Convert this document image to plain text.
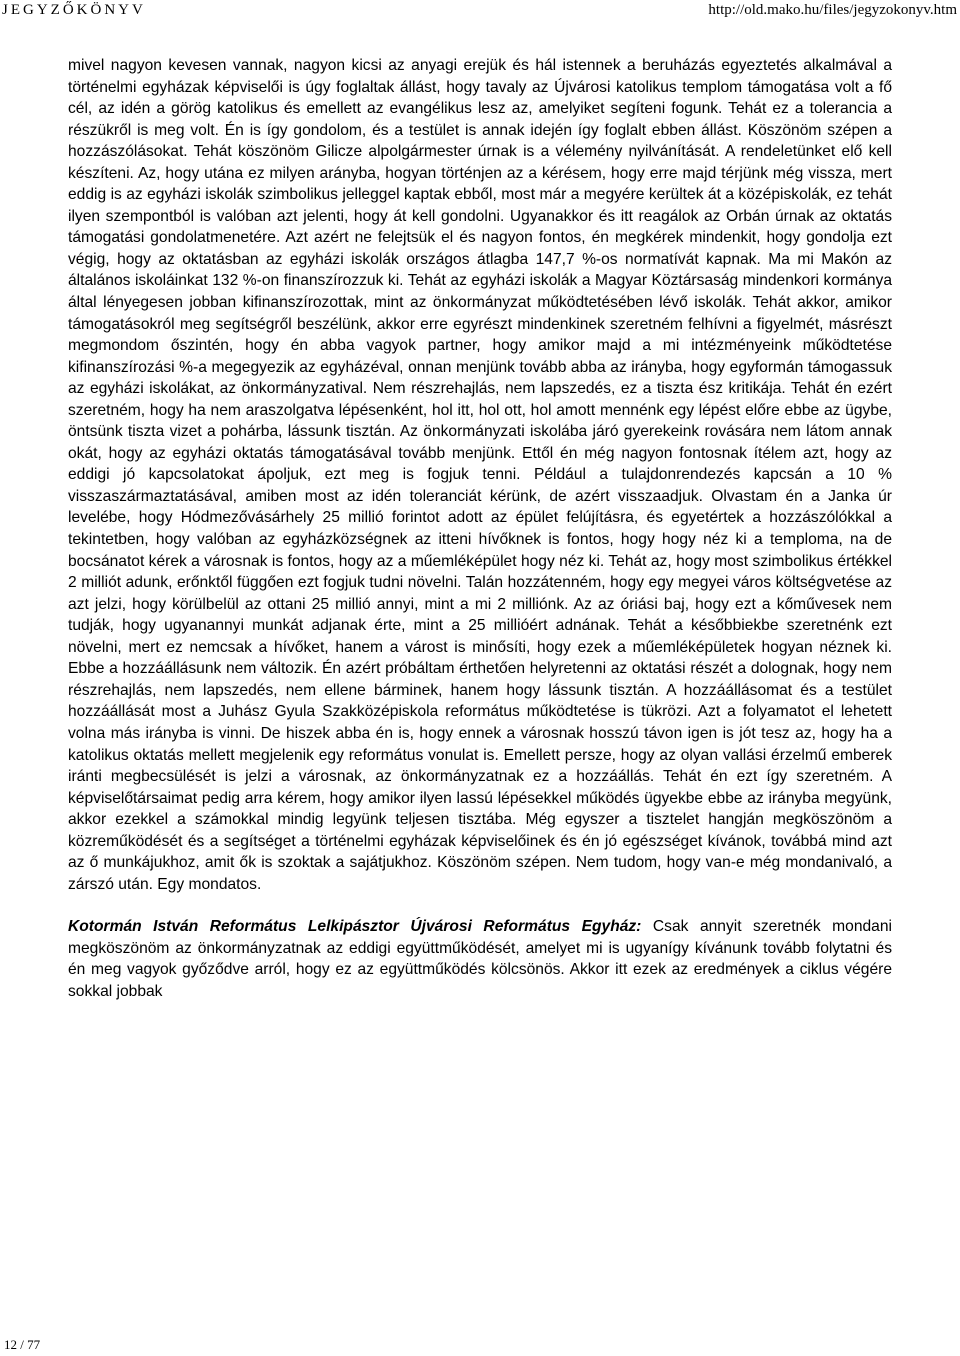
JEGYZŐKÖNYV	http://old.mako.hu/files/jegyzokonyv.htm

mivel nagyon kevesen vannak, nagyon kicsi az anyagi erejük és hál istennek a beruházás egyeztetés alkalmával a történelmi egyházak képviselői is úgy foglaltak állást, hogy tavaly az Újvárosi katolikus templom támogatása volt a fő cél, az idén a görög katolikus és emellett az evangélikus lesz az, amelyiket segíteni fogunk. Tehát ez a tolerancia a részükről is meg volt. Én is így gondolom, és a testület is annak idején így foglalt ebben állást. Köszönöm szépen a hozzászólásokat. Tehát köszönöm Gilicze alpolgármester úrnak is a vélemény nyilvánítását. A rendeletünket elő kell készíteni. Az, hogy utána ez milyen arányba, hogyan történjen az a kérésem, hogy erre majd térjünk még vissza, mert eddig is az egyházi iskolák szimbolikus jelleggel kaptak ebből, most már a megyére kerültek át a középiskolák, ez tehát ilyen szempontból is valóban azt jelenti, hogy át kell gondolni. Ugyanakkor és itt reagálok az Orbán úrnak az oktatás támogatási gondolatmenetére. Azt azért ne felejtsük el és nagyon fontos, én megkérek mindenkit, hogy gondolja ezt végig, hogy az oktatásban az egyházi iskolák országos átlagba 147,7 %-os normatívát kapnak. Ma mi Makón az általános iskoláinkat 132 %-on finanszírozzuk ki. Tehát az egyházi iskolák a Magyar Köztársaság mindenkori kormánya által lényegesen jobban kifinanszírozottak, mint az önkormányzat működtetésében lévő iskolák. Tehát akkor, amikor támogatásokról meg segítségről beszélünk, akkor erre egyrészt mindenkinek szeretném felhívni a figyelmét, másrészt megmondom őszintén, hogy én abba vagyok partner, hogy amikor majd a mi intézményeink működtetése kifinanszírozási %-a megegyezik az egyházéval, onnan menjünk tovább abba az irányba, hogy egyformán támogassuk az egyházi iskolákat, az önkormányzatival. Nem részrehajlás, nem lapszedés, ez a tiszta ész kritikája. Tehát én ezért szeretném, hogy ha nem araszolgatva lépésenként, hol itt, hol ott, hol amott mennénk egy lépést előre ebbe az ügybe, öntsünk tiszta vizet a pohárba, lássunk tisztán. Az önkormányzati iskolába járó gyerekeink rovására nem látom annak okát, hogy az egyházi oktatás támogatásával tovább menjünk. Ettől én még nagyon fontosnak ítélem azt, hogy az eddigi jó kapcsolatokat ápoljuk, ezt meg is fogjuk tenni. Például a tulajdonrendezés kapcsán a 10 % visszaszármaztatásával, amiben most az idén toleranciát kérünk, de azért visszaadjuk. Olvastam én a Janka úr levelébe, hogy Hódmezővásárhely 25 millió forintot adott az épület felújításra, és egyetértek a hozzászólókkal a tekintetben, hogy valóban az egyházközségnek az itteni hívőknek is fontos, hogy hogy néz ki a temploma, na de bocsánatot kérek a városnak is fontos, hogy az a műemléképület hogy néz ki. Tehát az, hogy most szimbolikus értékkel 2 milliót adunk, erőnktől függően ezt fogjuk tudni növelni. Talán hozzátenném, hogy egy megyei város költségvetése az azt jelzi, hogy körülbelül az ottani 25 millió annyi, mint a mi 2 milliónk. Az az óriási baj, hogy ezt a kőművesek nem tudják, hogy ugyanannyi munkát adjanak érte, mint a 25 millióért adnának. Tehát a későbbiekbe szeretnénk ezt növelni, mert ez nemcsak a hívőket, hanem a várost is minősíti, hogy ezek a műemléképületek hogyan néznek ki. Ebbe a hozzáállásunk nem változik. Én azért próbáltam érthetően helyretenni az oktatási részét a dolognak, hogy nem részrehajlás, nem lapszedés, nem ellene bárminek, hanem hogy lássunk tisztán. A hozzáállásomat és a testület hozzáállását most a Juhász Gyula Szakközépiskola református működtetése is tükrözi. Azt a folyamatot el lehetett volna más irányba is vinni. De hiszek abba én is, hogy ennek a városnak hosszú távon igen is jót tesz az, hogy ha a katolikus oktatás mellett megjelenik egy református vonulat is. Emellett persze, hogy az olyan vallási érzelmű emberek iránti megbecsülését is jelzi a városnak, az önkormányzatnak ez a hozzáállás. Tehát én ezt így szeretném. A képviselőtársaimat pedig arra kérem, hogy amikor ilyen lassú lépésekkel működés ügyekbe ebbe az irányba megyünk, akkor ezekkel a számokkal mindig legyünk teljesen tisztába. Még egyszer a tisztelet hangján megköszönöm a közreműködését és a segítséget a történelmi egyházak képviselőinek és én jó egészséget kívánok, továbbá mind azt az ő munkájukhoz, amit ők is szoktak a sajátjukhoz. Köszönöm szépen. Nem tudom, hogy van-e még mondanivaló, a zárszó után. Egy mondatos.

Kotormán István Református Lelkipásztor Újvárosi Református Egyház: Csak annyit szeretnék mondani megköszönöm az önkormányzatnak az eddigi együttműködését, amelyet mi is ugyanígy kívánunk tovább folytatni és én meg vagyok győződve arról, hogy ez az együttműködés kölcsönös. Akkor itt ezek az eredmények a ciklus végére sokkal jobbak

12 / 77
